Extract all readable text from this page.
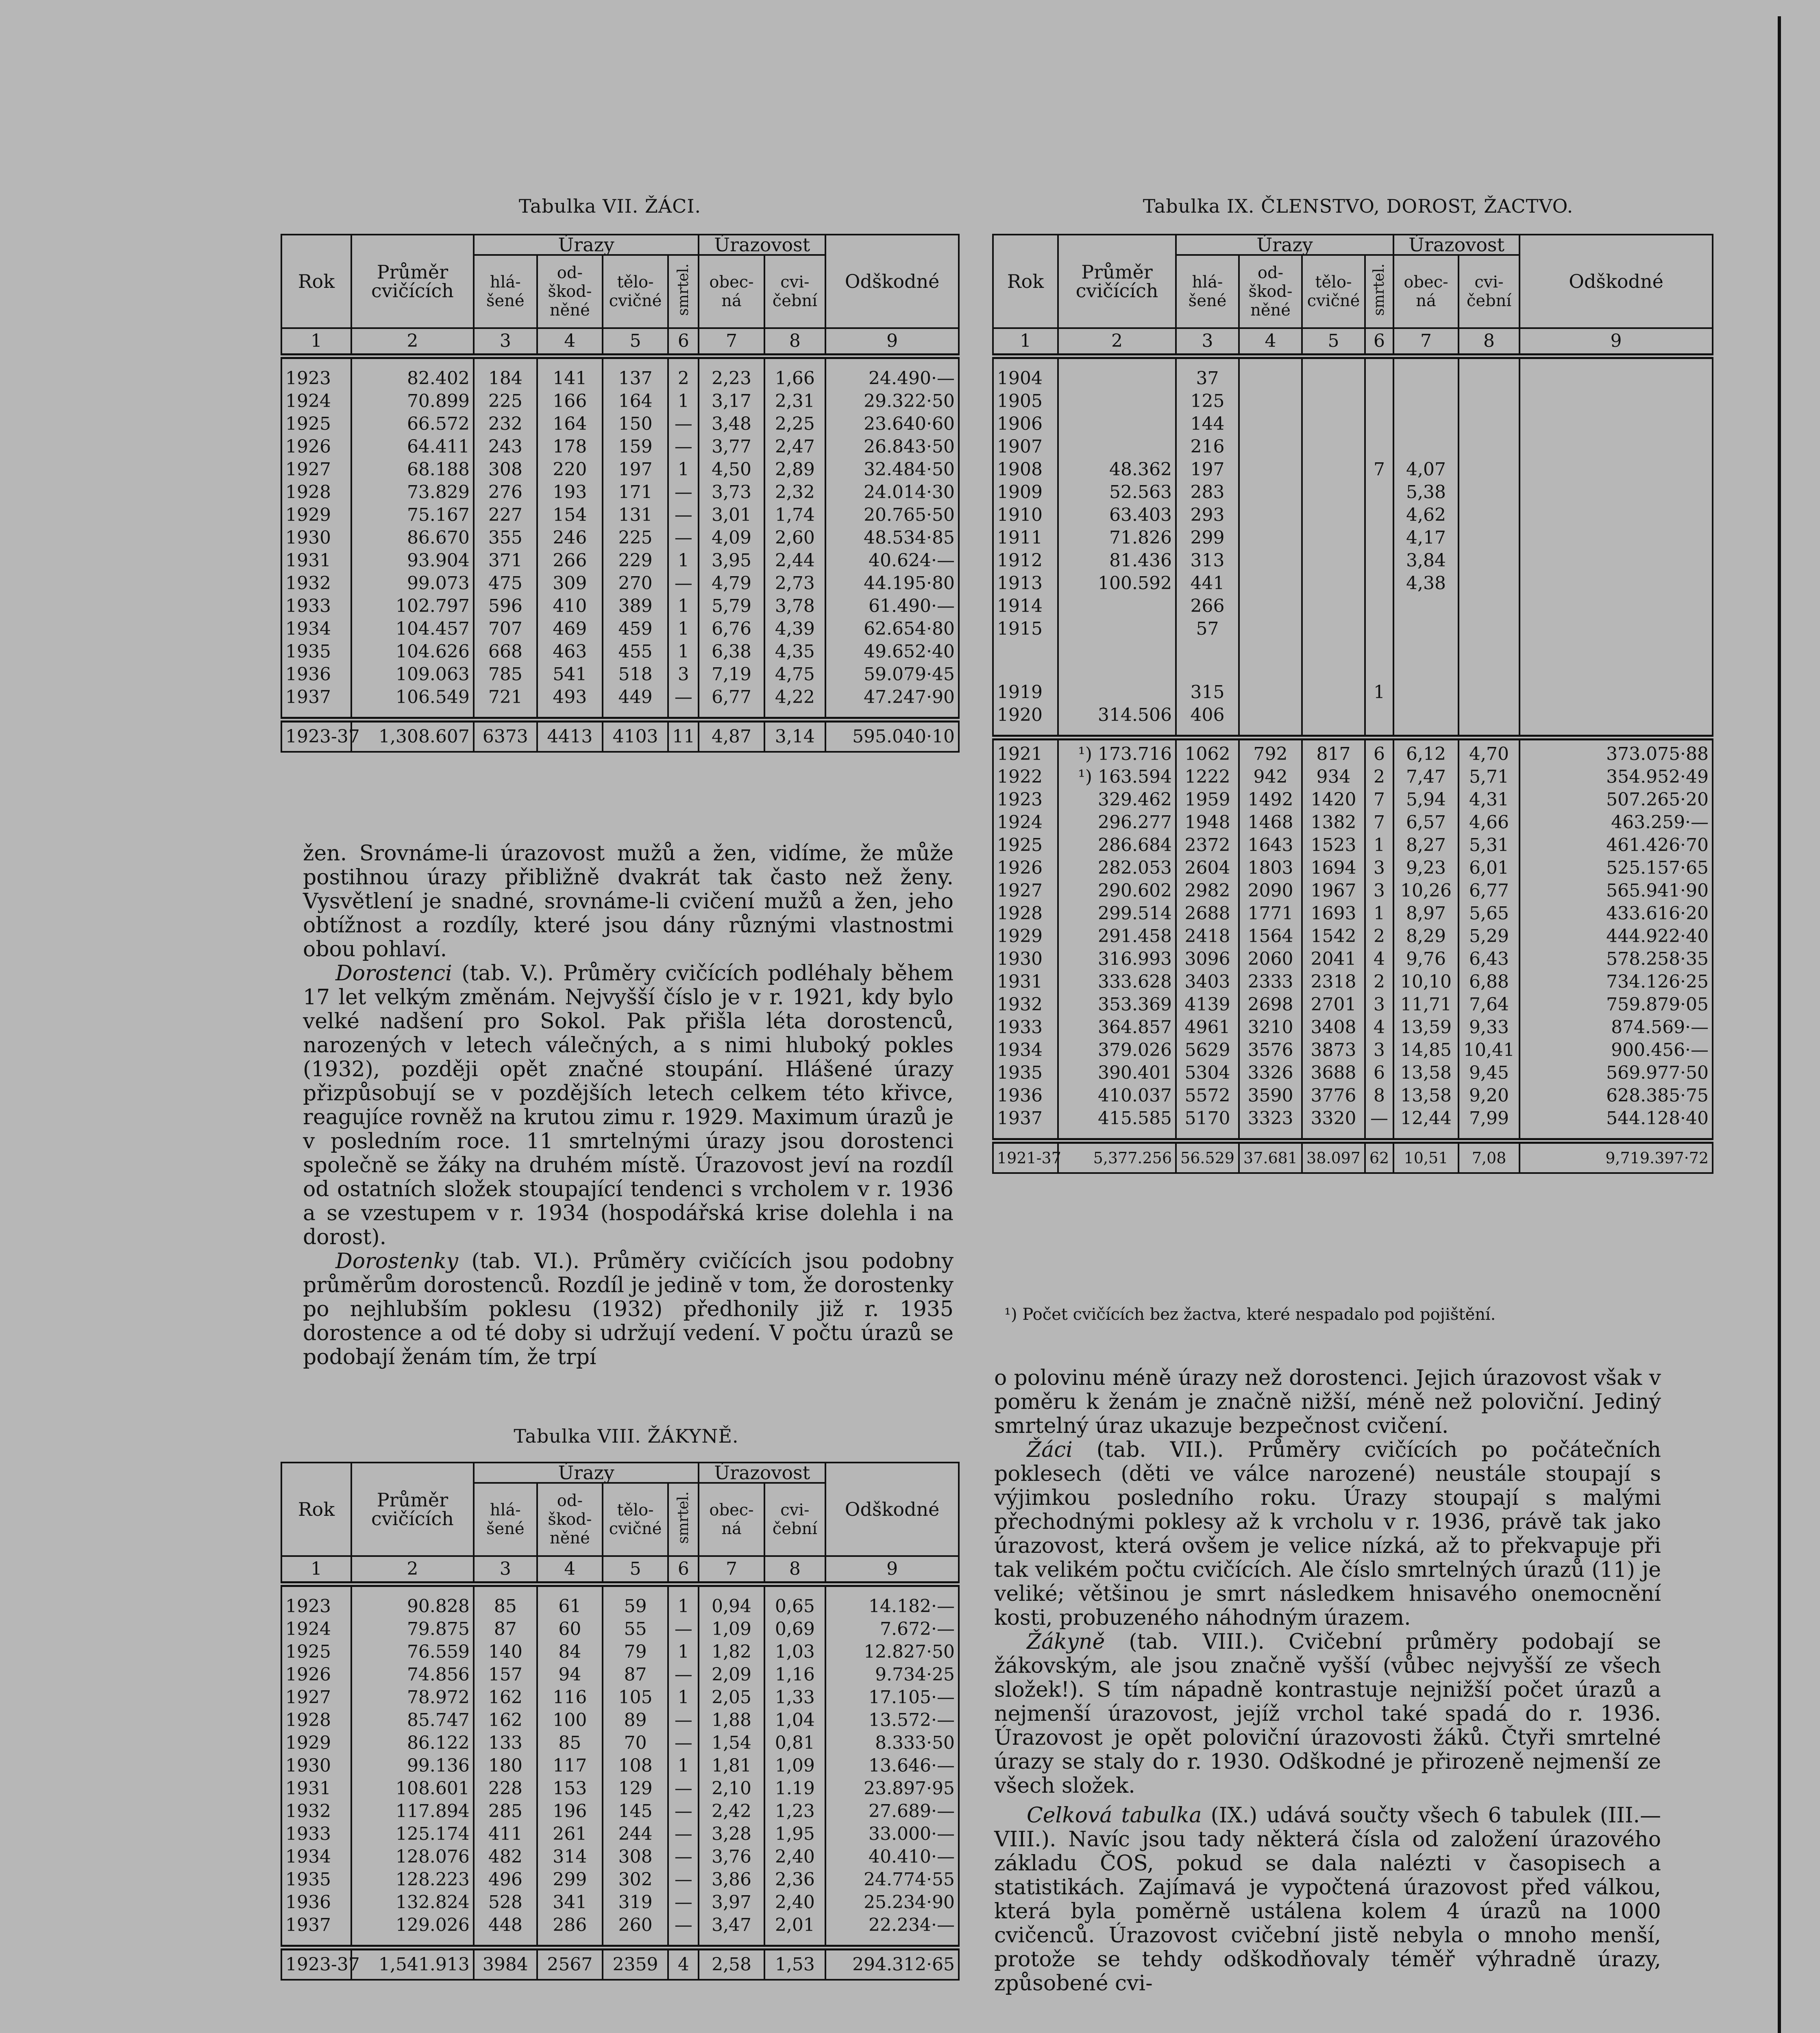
Tabulka VII. ŽÁCI.
Rok	Průměr cvičících	Úrazy				Úrazovost		Odškodné
		hlá-šené	od-škod-něné	tělo-cvičné	smrtel.	obec-ná	cvi-čební	
1	2	3	4	5	6	7	8	9

1923	82.402	184	141	137	2	2,23	1,66	24.490·—
1924	70.899	225	166	164	1	3,17	2,31	29.322·50
1925	66.572	232	164	150	—	3,48	2,25	23.640·60
1926	64.411	243	178	159	—	3,77	2,47	26.843·50
1927	68.188	308	220	197	1	4,50	2,89	32.484·50
1928	73.829	276	193	171	—	3,73	2,32	24.014·30
1929	75.167	227	154	131	—	3,01	1,74	20.765·50
1930	86.670	355	246	225	—	4,09	2,60	48.534·85
1931	93.904	371	266	229	1	3,95	2,44	40.624·—
1932	99.073	475	309	270	—	4,79	2,73	44.195·80
1933	102.797	596	410	389	1	5,79	3,78	61.490·—
1934	104.457	707	469	459	1	6,76	4,39	62.654·80
1935	104.626	668	463	455	1	6,38	4,35	49.652·40
1936	109.063	785	541	518	3	7,19	4,75	59.079·45
1937	106.549	721	493	449	—	6,77	4,22	47.247·90

1923-37	1,308.607	6373	4413	4103	11	4,87	3,14	595.040·10

žen. Srovnáme-li úrazovost mužů a žen, vidíme, že může postihnou úrazy přibližně dvakrát tak často než ženy. Vysvětlení je snadné, srovnáme-li cvičení mužů a žen, jeho obtížnost a rozdíly, které jsou dány různými vlastnostmi obou pohlaví.

Dorostenci (tab. V.). Průměry cvičících podléhaly během 17 let velkým změnám. Nejvyšší číslo je v r. 1921, kdy bylo velké nadšení pro Sokol. Pak přišla léta dorostenců, narozených v letech válečných, a s nimi hluboký pokles (1932), později opět značné stoupání. Hlášené úrazy přizpůsobují se v pozdějších letech celkem této křivce, reagujíce rovněž na krutou zimu r. 1929. Maximum úrazů je v posledním roce. 11 smrtelnými úrazy jsou dorostenci společně se žáky na druhém místě. Úrazovost jeví na rozdíl od ostatních složek stoupající tendenci s vrcholem v r. 1936 a se vzestupem v r. 1934 (hospodářská krise dolehla i na dorost).

Dorostenky (tab. VI.). Průměry cvičících jsou podobny průměrům dorostenců. Rozdíl je jedině v tom, že dorostenky po nejhlubším poklesu (1932) předhonily již r. 1935 dorostence a od té doby si udržují vedení. V počtu úrazů se podobají ženám tím, že trpí

Tabulka VIII. ŽÁKYNĚ.
Rok	Průměr cvičících	Úrazy				Úrazovost		Odškodné
		hlá-šené	od-škod-něné	tělo-cvičné	smrtel.	obec-ná	cvi-čební	
1	2	3	4	5	6	7	8	9

1923	90.828	85	61	59	1	0,94	0,65	14.182·—
1924	79.875	87	60	55	—	1,09	0,69	7.672·—
1925	76.559	140	84	79	1	1,82	1,03	12.827·50
1926	74.856	157	94	87	—	2,09	1,16	9.734·25
1927	78.972	162	116	105	1	2,05	1,33	17.105·—
1928	85.747	162	100	89	—	1,88	1,04	13.572·—
1929	86.122	133	85	70	—	1,54	0,81	8.333·50
1930	99.136	180	117	108	1	1,81	1,09	13.646·—
1931	108.601	228	153	129	—	2,10	1.19	23.897·95
1932	117.894	285	196	145	—	2,42	1,23	27.689·—
1933	125.174	411	261	244	—	3,28	1,95	33.000·—
1934	128.076	482	314	308	—	3,76	2,40	40.410·—
1935	128.223	496	299	302	—	3,86	2,36	24.774·55
1936	132.824	528	341	319	—	3,97	2,40	25.234·90
1937	129.026	448	286	260	—	3,47	2,01	22.234·—

1923-37	1,541.913	3984	2567	2359	4	2,58	1,53	294.312·65
Tabulka IX. ČLENSTVO, DOROST, ŽACTVO.
Rok	Průměr cvičících	Úrazy				Úrazovost		Odškodné
		hlá-šené	od-škod-něné	tělo-cvičné	smrtel.	obec-ná	cvi-čební	
1	2	3	4	5	6	7	8	9

1904		37						
1905		125						
1906		144						
1907		216						
1908	48.362	197			7	4,07		
1909	52.563	283				5,38		
1910	63.403	293				4,62		
1911	71.826	299				4,17		
1912	81.436	313				3,84		
1913	100.592	441				4,38		
1914		266						
1915		57						

1919		315			1			
1920	314.506	406						

1921	¹) 173.716	1062	792	817	6	6,12	4,70	373.075·88
1922	¹) 163.594	1222	942	934	2	7,47	5,71	354.952·49
1923	329.462	1959	1492	1420	7	5,94	4,31	507.265·20
1924	296.277	1948	1468	1382	7	6,57	4,66	463.259·—
1925	286.684	2372	1643	1523	1	8,27	5,31	461.426·70
1926	282.053	2604	1803	1694	3	9,23	6,01	525.157·65
1927	290.602	2982	2090	1967	3	10,26	6,77	565.941·90
1928	299.514	2688	1771	1693	1	8,97	5,65	433.616·20
1929	291.458	2418	1564	1542	2	8,29	5,29	444.922·40
1930	316.993	3096	2060	2041	4	9,76	6,43	578.258·35
1931	333.628	3403	2333	2318	2	10,10	6,88	734.126·25
1932	353.369	4139	2698	2701	3	11,71	7,64	759.879·05
1933	364.857	4961	3210	3408	4	13,59	9,33	874.569·—
1934	379.026	5629	3576	3873	3	14,85	10,41	900.456·—
1935	390.401	5304	3326	3688	6	13,58	9,45	569.977·50
1936	410.037	5572	3590	3776	8	13,58	9,20	628.385·75
1937	415.585	5170	3323	3320	—	12,44	7,99	544.128·40

1921-37	5,377.256	56.529	37.681	38.097	62	10,51	7,08	9,719.397·72
¹) Počet cvičících bez žactva, které nespadalo pod pojištění.

o polovinu méně úrazy než dorostenci. Jejich úrazovost však v poměru k ženám je značně nižší, méně než poloviční. Jediný smrtelný úraz ukazuje bezpečnost cvičení.

Žáci (tab. VII.). Průměry cvičících po počátečních poklesech (děti ve válce narozené) neustále stoupají s výjimkou posledního roku. Úrazy stoupají s malými přechodnými poklesy až k vrcholu v r. 1936, právě tak jako úrazovost, která ovšem je velice nízká, až to překvapuje při tak velikém počtu cvičících. Ale číslo smrtelných úrazů (11) je veliké; většinou je smrt následkem hnisavého onemocnění kosti, probuzeného náhodným úrazem.

Žákyně (tab. VIII.). Cvičební průměry podobají se žákovským, ale jsou značně vyšší (vůbec nejvyšší ze všech složek!). S tím nápadně kontrastuje nejnižší počet úrazů a nejmenší úrazovost, jejíž vrchol také spadá do r. 1936. Úrazovost je opět poloviční úrazovosti žáků. Čtyři smrtelné úrazy se staly do r. 1930. Odškodné je přirozeně nejmenší ze všech složek.

Celková tabulka (IX.) udává součty všech 6 tabulek (III.—VIII.). Navíc jsou tady některá čísla od založení úrazového základu ČOS, pokud se dala nalézti v časopisech a statistikách. Zajímavá je vypočtená úrazovost před válkou, která byla poměrně ustálena kolem 4 úrazů na 1000 cvičenců. Úrazovost cvičební jistě nebyla o mnoho menší, protože se tehdy odškodňovaly téměř výhradně úrazy, způsobené cvi-
